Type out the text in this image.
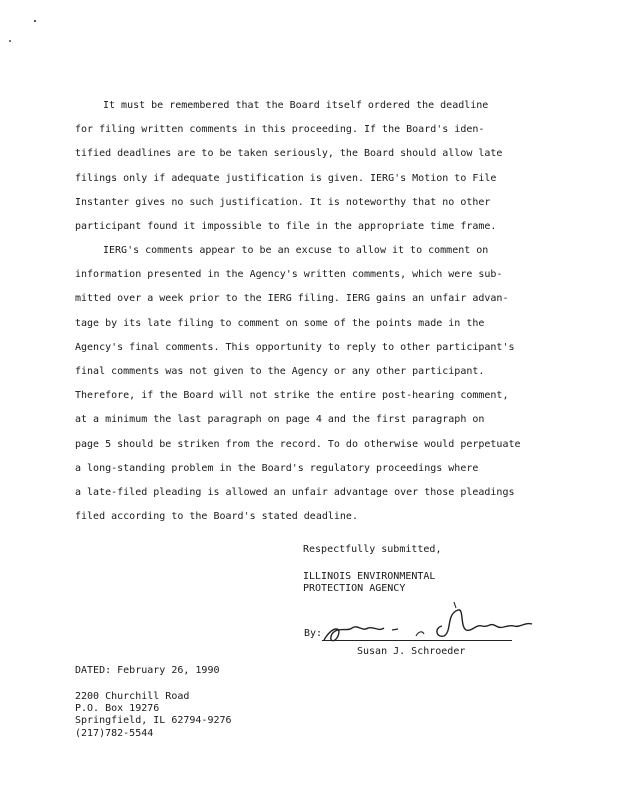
It must be remembered that the Board itself ordered the deadline
for filing written comments in this proceeding. If the Board's iden-
tified deadlines are to be taken seriously, the Board should allow late
filings only if adequate justification is given. IERG's Motion to File
Instanter gives no such justification. It is noteworthy that no other
participant found it impossible to file in the appropriate time frame.
IERG's comments appear to be an excuse to allow it to comment on
information presented in the Agency's written comments, which were sub-
mitted over a week prior to the IERG filing. IERG gains an unfair advan-
tage by its late filing to comment on some of the points made in the
Agency's final comments. This opportunity to reply to other participant's
final comments was not given to the Agency or any other participant.
Therefore, if the Board will not strike the entire post-hearing comment,
at a minimum the last paragraph on page 4 and the first paragraph on
page 5 should be striken from the record. To do otherwise would perpetuate
a long-standing problem in the Board's regulatory proceedings where
a late-filed pleading is allowed an unfair advantage over those pleadings
filed according to the Board's stated deadline.
Respectfully submitted,
ILLINOIS ENVIRONMENTAL
PROTECTION AGENCY
By:
Susan J. Schroeder
DATED: February 26, 1990
2200 Churchill Road
P.O. Box 19276
Springfield, IL 62794-9276
(217)782-5544
